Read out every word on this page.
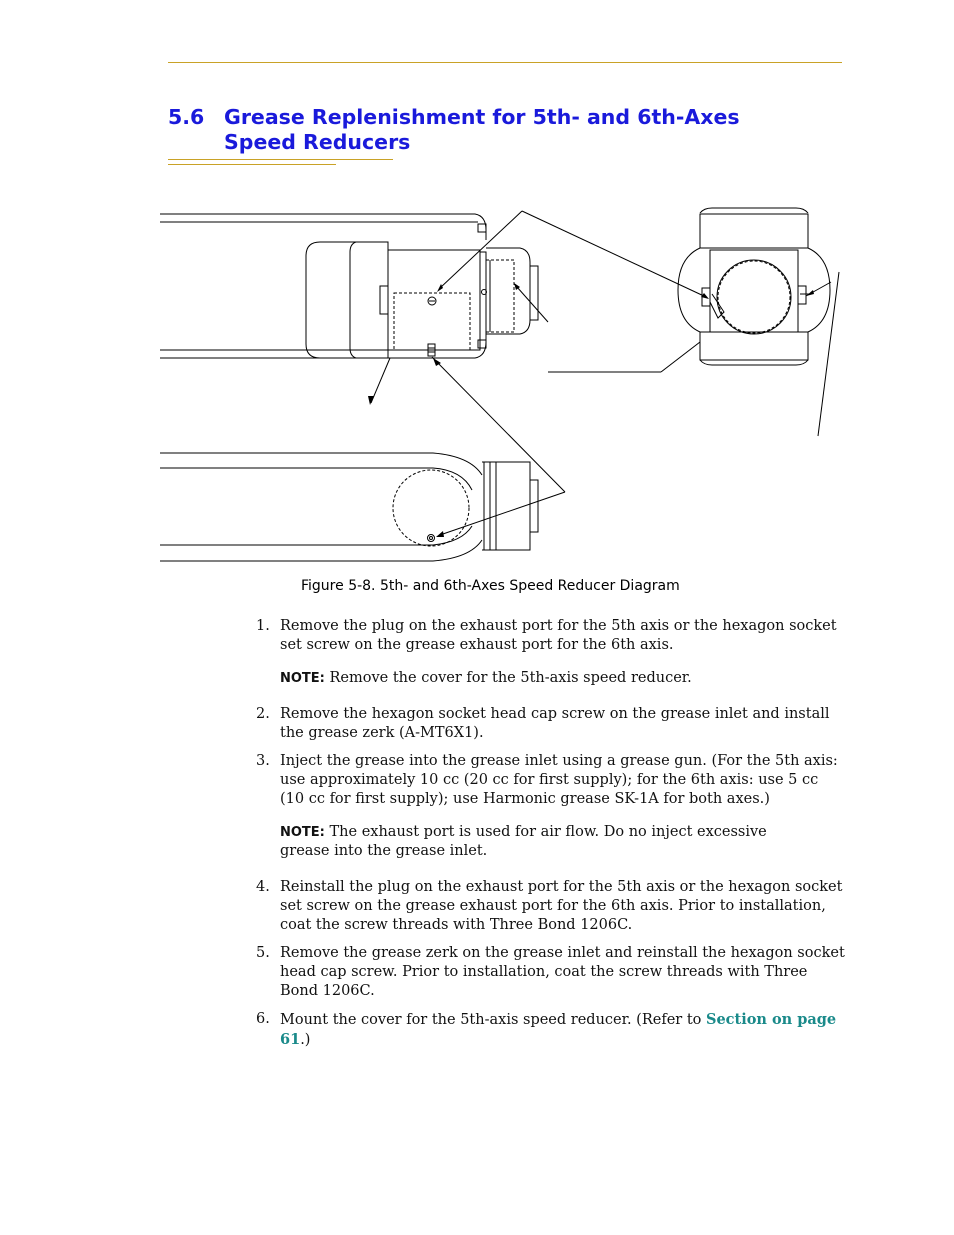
5.6 Grease Replenishment for 5th- and 6th-Axes Speed Reducers
Figure 5-8. 5th- and 6th-Axes Speed Reducer Diagram
1. Remove the plug on the exhaust port for the 5th axis or the hexagon socket set screw on the grease exhaust port for the 6th axis.
NOTE: Remove the cover for the 5th-axis speed reducer.
2. Remove the hexagon socket head cap screw on the grease inlet and install the grease zerk (A-MT6X1).
3. Inject the grease into the grease inlet using a grease gun. (For the 5th axis: use approximately 10 cc (20 cc for first supply); for the 6th axis: use 5 cc (10 cc for first supply); use Harmonic grease SK-1A for both axes.)
NOTE: The exhaust port is used for air flow. Do no inject excessive grease into the grease inlet.
4. Reinstall the plug on the exhaust port for the 5th axis or the hexagon socket set screw on the grease exhaust port for the 6th axis. Prior to installation, coat the screw threads with Three Bond 1206C.
5. Remove the grease zerk on the grease inlet and reinstall the hexagon socket head cap screw. Prior to installation, coat the screw threads with Three Bond 1206C.
6. Mount the cover for the 5th-axis speed reducer. (Refer to Section on page 61.)
